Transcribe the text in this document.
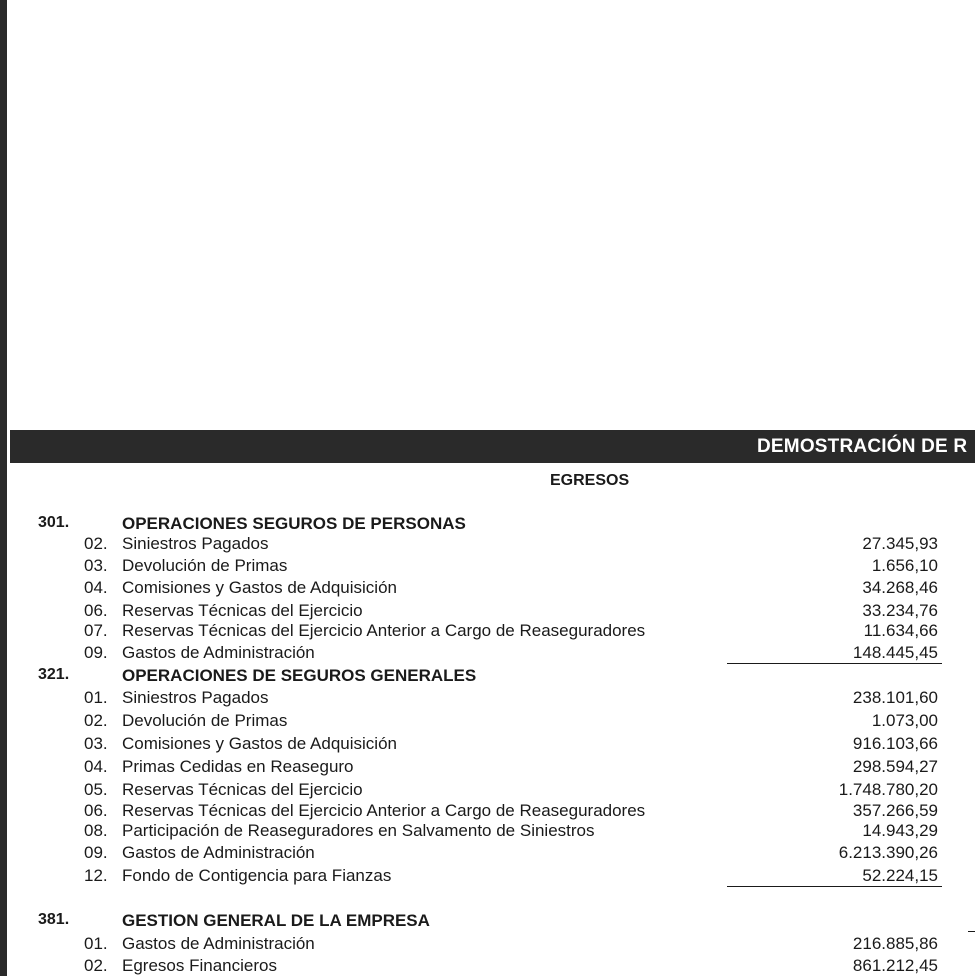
DEMOSTRACIÓN DE R
EGRESOS
301.	OPERACIONES SEGUROS DE PERSONAS
02. Siniestros Pagados	27.345,93
03. Devolución de Primas	1.656,10
04. Comisiones y Gastos de Adquisición	34.268,46
06. Reservas Técnicas del Ejercicio	33.234,76
07. Reservas Técnicas del Ejercicio Anterior a Cargo de Reaseguradores	11.634,66
09. Gastos de Administración	148.445,45
321.	OPERACIONES DE SEGUROS GENERALES
01. Siniestros Pagados	238.101,60
02. Devolución de Primas	1.073,00
03. Comisiones y Gastos de Adquisición	916.103,66
04. Primas Cedidas en Reaseguro	298.594,27
05. Reservas Técnicas del Ejercicio	1.748.780,20
06. Reservas Técnicas del Ejercicio Anterior a Cargo de Reaseguradores	357.266,59
08. Participación de Reaseguradores en Salvamento de Siniestros	14.943,29
09. Gastos de Administración	6.213.390,26
12. Fondo de Contigencia para Fianzas	52.224,15
381.	GESTION GENERAL DE LA EMPRESA
01. Gastos de Administración	216.885,86
02. Egresos Financieros	861.212,45
